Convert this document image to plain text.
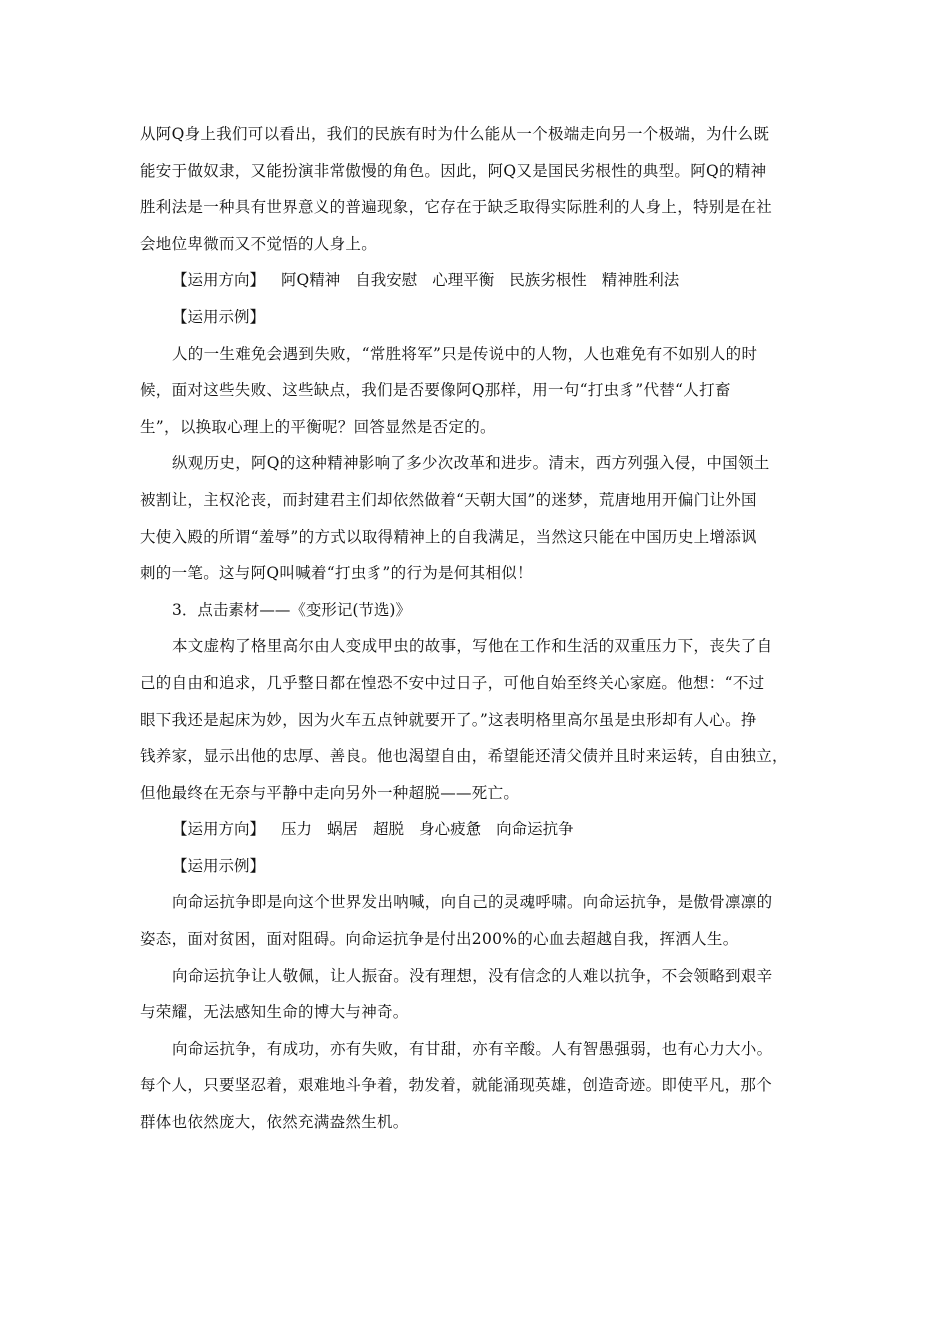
从阿Q身上我们可以看出，我们的民族有时为什么能从一个极端走向另一个极端，为什么既
能安于做奴隶，又能扮演非常傲慢的角色。因此，阿Q又是国民劣根性的典型。阿Q的精神
胜利法是一种具有世界意义的普遍现象，它存在于缺乏取得实际胜利的人身上，特别是在社
会地位卑微而又不觉悟的人身上。

【运用方向】 阿Q精神 自我安慰 心理平衡 民族劣根性 精神胜利法

【运用示例】

人的一生难免会遇到失败，“常胜将军”只是传说中的人物，人也难免有不如别人的时
候，面对这些失败、这些缺点，我们是否要像阿Q那样，用一句“打虫豸”代替“人打畜
生”，以换取心理上的平衡呢？回答显然是否定的。

纵观历史，阿Q的这种精神影响了多少次改革和进步。清末，西方列强入侵，中国领土
被割让，主权沦丧，而封建君主们却依然做着“天朝大国”的迷梦，荒唐地用开偏门让外国
大使入殿的所谓“羞辱”的方式以取得精神上的自我满足，当然这只能在中国历史上增添讽
刺的一笔。这与阿Q叫喊着“打虫豸”的行为是何其相似！

3．点击素材——《变形记(节选)》

本文虚构了格里高尔由人变成甲虫的故事，写他在工作和生活的双重压力下，丧失了自
己的自由和追求，几乎整日都在惶恐不安中过日子，可他自始至终关心家庭。他想：“不过
眼下我还是起床为妙，因为火车五点钟就要开了。”这表明格里高尔虽是虫形却有人心。挣
钱养家，显示出他的忠厚、善良。他也渴望自由，希望能还清父债并且时来运转，自由独立，
但他最终在无奈与平静中走向另外一种超脱——死亡。

【运用方向】 压力 蜗居 超脱 身心疲惫 向命运抗争

【运用示例】

向命运抗争即是向这个世界发出呐喊，向自己的灵魂呼啸。向命运抗争，是傲骨凛凛的
姿态，面对贫困，面对阻碍。向命运抗争是付出200%的心血去超越自我，挥洒人生。

向命运抗争让人敬佩，让人振奋。没有理想，没有信念的人难以抗争，不会领略到艰辛
与荣耀，无法感知生命的博大与神奇。

向命运抗争，有成功，亦有失败，有甘甜，亦有辛酸。人有智愚强弱，也有心力大小。
每个人，只要坚忍着，艰难地斗争着，勃发着，就能涌现英雄，创造奇迹。即使平凡，那个
群体也依然庞大，依然充满盎然生机。
